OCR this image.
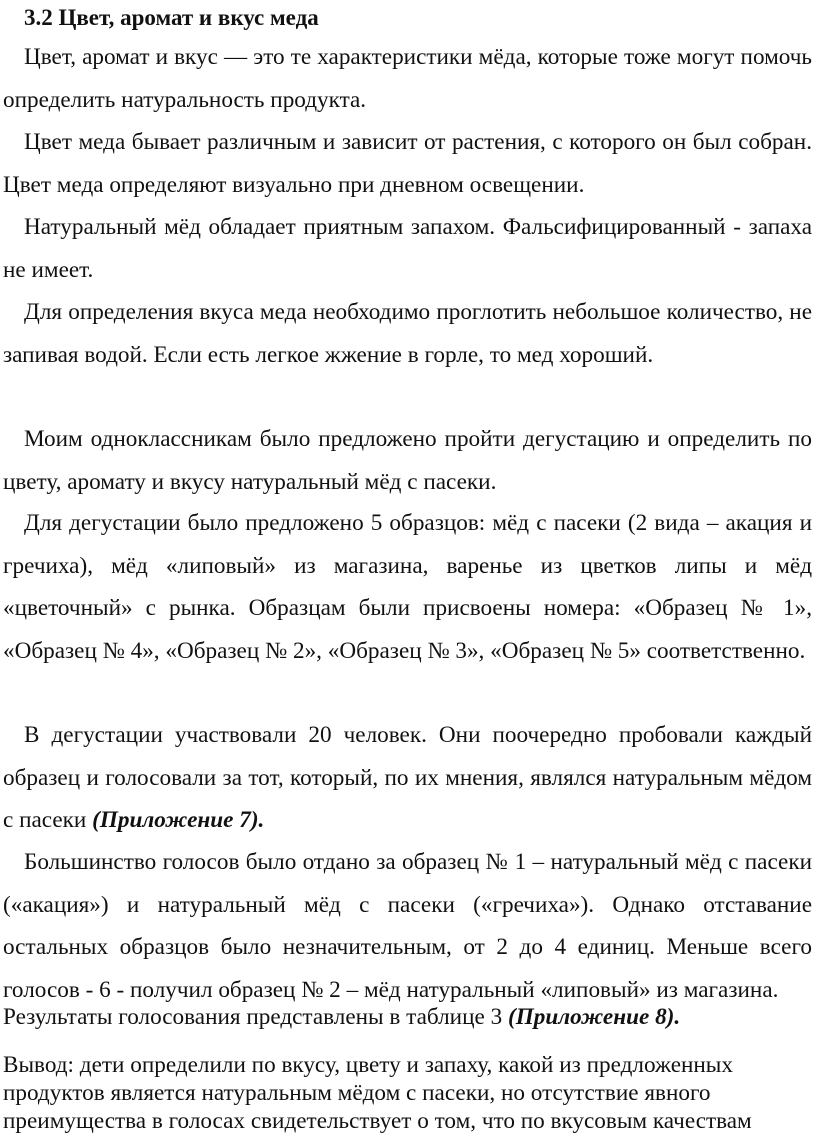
3.2 Цвет, аромат и вкус меда

Цвет, аромат и вкус — это те характеристики мёда, которые тоже могут помочь определить натуральность продукта.

Цвет меда бывает различным и зависит от растения, с которого он был собран. Цвет меда определяют визуально при дневном освещении.

Натуральный мёд обладает приятным запахом. Фальсифицированный - запаха не имеет.

Для определения вкуса меда необходимо проглотить небольшое количество, не запивая водой. Если есть легкое жжение в горле, то мед хороший.

Моим одноклассникам было предложено пройти дегустацию и определить по цвету, аромату и вкусу натуральный мёд с пасеки.

Для дегустации было предложено 5 образцов: мёд с пасеки (2 вида – акация и гречиха), мёд «липовый» из магазина, варенье из цветков липы и мёд «цветочный» с рынка. Образцам были присвоены номера: «Образец № 1», «Образец № 4», «Образец № 2», «Образец № 3», «Образец № 5» соответственно.

В дегустации участвовали 20 человек. Они поочередно пробовали каждый образец и голосовали за тот, который, по их мнения, являлся натуральным мёдом с пасеки (Приложение 7).

Большинство голосов было отдано за образец № 1 – натуральный мёд с пасеки («акация») и натуральный мёд с пасеки («гречиха»). Однако отставание остальных образцов было незначительным, от 2 до 4 единиц. Меньше всего голосов - 6 - получил образец № 2 – мёд натуральный «липовый» из магазина.

Результаты голосования представлены в таблице 3 (Приложение 8).

Вывод: дети определили по вкусу, цвету и запаху, какой из предложенных продуктов является натуральным мёдом с пасеки, но отсутствие явного преимущества в голосах свидетельствует о том, что по вкусовым качествам
